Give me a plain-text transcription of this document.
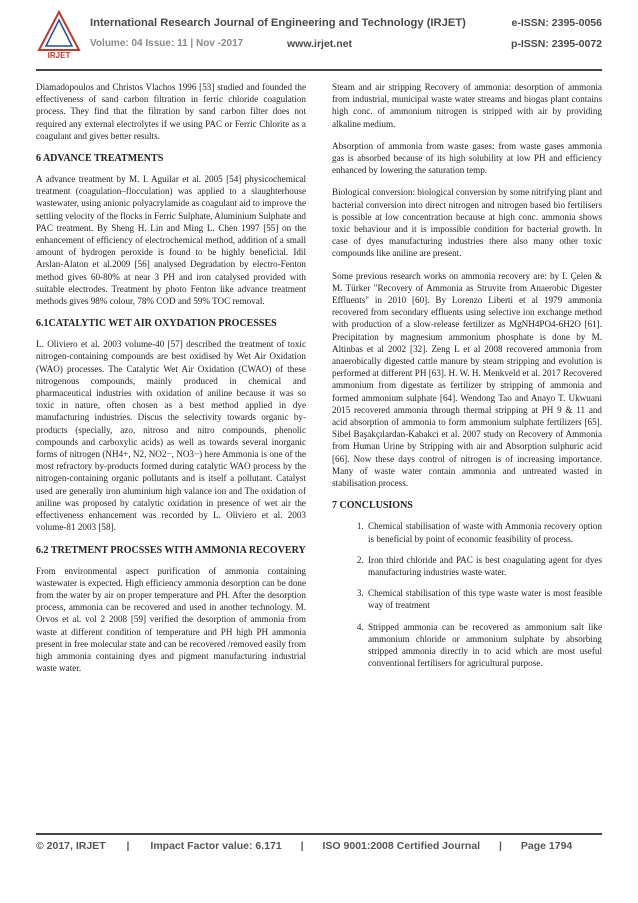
IRJET
International Research Journal of Engineering and Technology (IRJET)	e-ISSN: 2395-0056
Volume: 04 Issue: 11 | Nov -2017	www.irjet.net	p-ISSN: 2395-0072

Diamadopoulos and Christos Vlachos 1996 [53] studied and founded the effectiveness of sand carbon filtration in ferric chloride coagulation process. They find that the filtration by sand carbon filter does not required any external electrolytes if we using PAC or Ferric Chlorite as a coagulant and gives better results.

6 ADVANCE TREATMENTS

A advance treatment by M. I. Aguilar et al. 2005 [54] physicochemical treatment (coagulation–flocculation) was applied to a slaughterhouse wastewater, using anionic polyacrylamide as coagulant aid to improve the settling velocity of the flocks in Ferric Sulphate, Aluminium Sulphate and PAC treatment. By Sheng H. Lin and Ming L. Chen 1997 [55] on the enhancement of efficiency of electrochemical method, addition of a small amount of hydrogen peroxide is found to be highly beneficial. Idil Arslan-Alaton et al.2009 [56] analysed Degradation by electro-Fenton method gives 60-80% at near 3 PH and iron catalysed provided with suitable electrodes. Treatment by photo Fenton like advance treatment methods gives 98% colour, 78% COD and 59% TOC removal.

6.1CATALYTIC WET AIR OXYDATION PROCESSES

L. Oliviero et al. 2003 volume-40 [57] described the treatment of toxic nitrogen-containing compounds are best oxidised by Wet Air Oxidation (WAO) processes. The Catalytic Wet Air Oxidation (CWAO) of these nitrogenous compounds, mainly produced in chemical and pharmaceutical industries with oxidation of aniline because it was so toxic in nature, often chosen as a best method applied in dye manufacturing industries. Discus the selectivity towards organic by-products (specially, azo, nitroso and nitro compounds, phenolic compounds and carboxylic acids) as well as towards several inorganic forms of nitrogen (NH4+, N2, NO2−, NO3−) here Ammonia is one of the most refractory by-products formed during catalytic WAO process by the nitrogen-containing organic pollutants and is itself a pollutant. Catalyst used are generally iron aluminium high valance ion and The oxidation of aniline was proposed by catalytic oxidation in presence of wet air the effectiveness enhancement was recorded by L. Oliviero et al. 2003 volume-81 2003 [58].

6.2 TRETMENT PROCSSES WITH AMMONIA RECOVERY

From environmental aspect purification of ammonia containing wastewater is expected. High efficiency ammonia desorption can be done from the water by air on proper temperature and PH. After the desorption process, ammonia can be recovered and used in another technology. M. Orvos et al. vol 2 2008 [59] verified the desorption of ammonia from waste at different condition of temperature and PH high PH ammonia present in free molecular state and can be recovered /removed easily from high ammonia containing dyes and pigment manufacturing industrial waste water.

Steam and air stripping Recovery of ammonia: desorption of ammonia from industrial, municipal waste water streams and biogas plant contains high conc. of ammonium nitrogen is stripped with air by providing alkaline medium.

Absorption of ammonia from waste gases: from waste gases ammonia gas is absorbed because of its high solubility at low PH and efficiency enhanced by lowering the saturation temp.

Biological conversion: biological conversion by some nitrifying plant and bacterial conversion into direct nitrogen and nitrogen based bio fertilisers is possible at low concentration because at high conc. ammonia shows toxic behaviour and it is impossible condition for bacterial growth. In case of dyes manufacturing industries there also many other toxic compounds like aniline are present.

Some previous research works on ammonia recovery are: by I. Çelen & M. Türker "Recovery of Ammonia as Struvite from Anaerobic Digester Effluents" in 2010 [60]. By Lorenzo Liberti et al 1979 ammonia recovered from secondary effluents using selective ion exchange method with production of a slow-release fertilizer as MgNH4PO4-6H2O [61]. Precipitation by magnesium ammonium phosphate is done by M. Altinbas et al 2002 [32]. Zeng L et al 2008 recovered ammonia from anaerobically digested cattle manure by steam stripping and evolution is performed at different PH [63]. H. W. H. Menkveld et al. 2017 Recovered ammonium from digestate as fertilizer by stripping of ammonia and formed ammonium sulphate [64]. Wendong Tao and Anayo T. Ukwuani 2015 recovered ammonia through thermal stripping at PH 9 & 11 and acid absorption of ammonia to form ammonium sulphate fertilizers [65]. Sibel Başakçılardan-Kabakci et al. 2007 study on Recovery of Ammonia from Human Urine by Stripping with air and Absorption sulphuric acid [66]. Now these days control of nitrogen is of increasing importance. Many of waste water contain ammonia and untreated wasted in stabilisation process.

7 CONCLUSIONS
1. Chemical stabilisation of waste with Ammonia recovery option is beneficial by point of economic feasibility of process.
2. Iron third chloride and PAC is best coagulating agent for dyes manufacturing industries waste water.
3. Chemical stabilisation of this type waste water is most feasible way of treatment
4. Stripped ammonia can be recovered as ammonium salt like ammonium chloride or ammonium sulphate by absorbing stripped ammonia directly in to acid which are most useful conventional fertilisers for agricultural purpose.
© 2017, IRJET | Impact Factor value: 6.171 | ISO 9001:2008 Certified Journal | Page 1794
